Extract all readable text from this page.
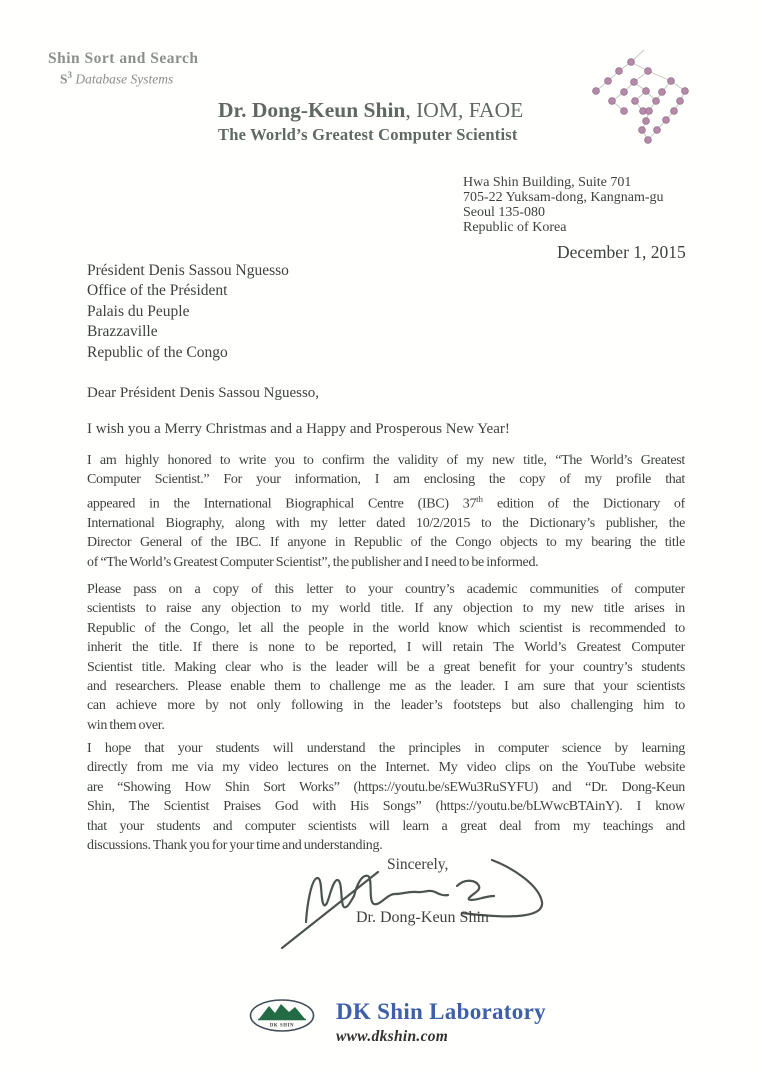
Shin Sort and Search
$S^3$ Database Systems
Dr. Dong-Keun Shin, IOM, FAOE
The World’s Greatest Computer Scientist
Hwa Shin Building, Suite 701
705-22 Yuksam-dong, Kangnam-gu
Seoul 135-080
Republic of Korea
December 1, 2015
Président Denis Sassou Nguesso
Office of the Président
Palais du Peuple
Brazzaville
Republic of the Congo
Dear Président Denis Sassou Nguesso,
I wish you a Merry Christmas and a Happy and Prosperous New Year!
I am highly honored to write you to confirm the validity of my new title, “The World’s Greatest
Computer Scientist.” For your information, I am enclosing the copy of my profile that
appeared in the International Biographical Centre (IBC) 37th edition of the Dictionary of
International Biography, along with my letter dated 10/2/2015 to the Dictionary’s publisher, the
Director General of the IBC. If anyone in Republic of the Congo objects to my bearing the title
of “The World’s Greatest Computer Scientist”, the publisher and I need to be informed.
Please pass on a copy of this letter to your country’s academic communities of computer
scientists to raise any objection to my world title. If any objection to my new title arises in
Republic of the Congo, let all the people in the world know which scientist is recommended to
inherit the title. If there is none to be reported, I will retain The World’s Greatest Computer
Scientist title. Making clear who is the leader will be a great benefit for your country’s students
and researchers. Please enable them to challenge me as the leader. I am sure that your scientists
can achieve more by not only following in the leader’s footsteps but also challenging him to
win them over.
I hope that your students will understand the principles in computer science by learning
directly from me via my video lectures on the Internet. My video clips on the YouTube website
are “Showing How Shin Sort Works” (https://youtu.be/sEWu3RuSYFU) and “Dr. Dong-Keun
Shin, The Scientist Praises God with His Songs” (https://youtu.be/bLWwcBTAinY). I know
that your students and computer scientists will learn a great deal from my teachings and
discussions. Thank you for your time and understanding.
Sincerely,
Dr. Dong-Keun Shin
DK SHIN
DK Shin Laboratory
www.dkshin.com
